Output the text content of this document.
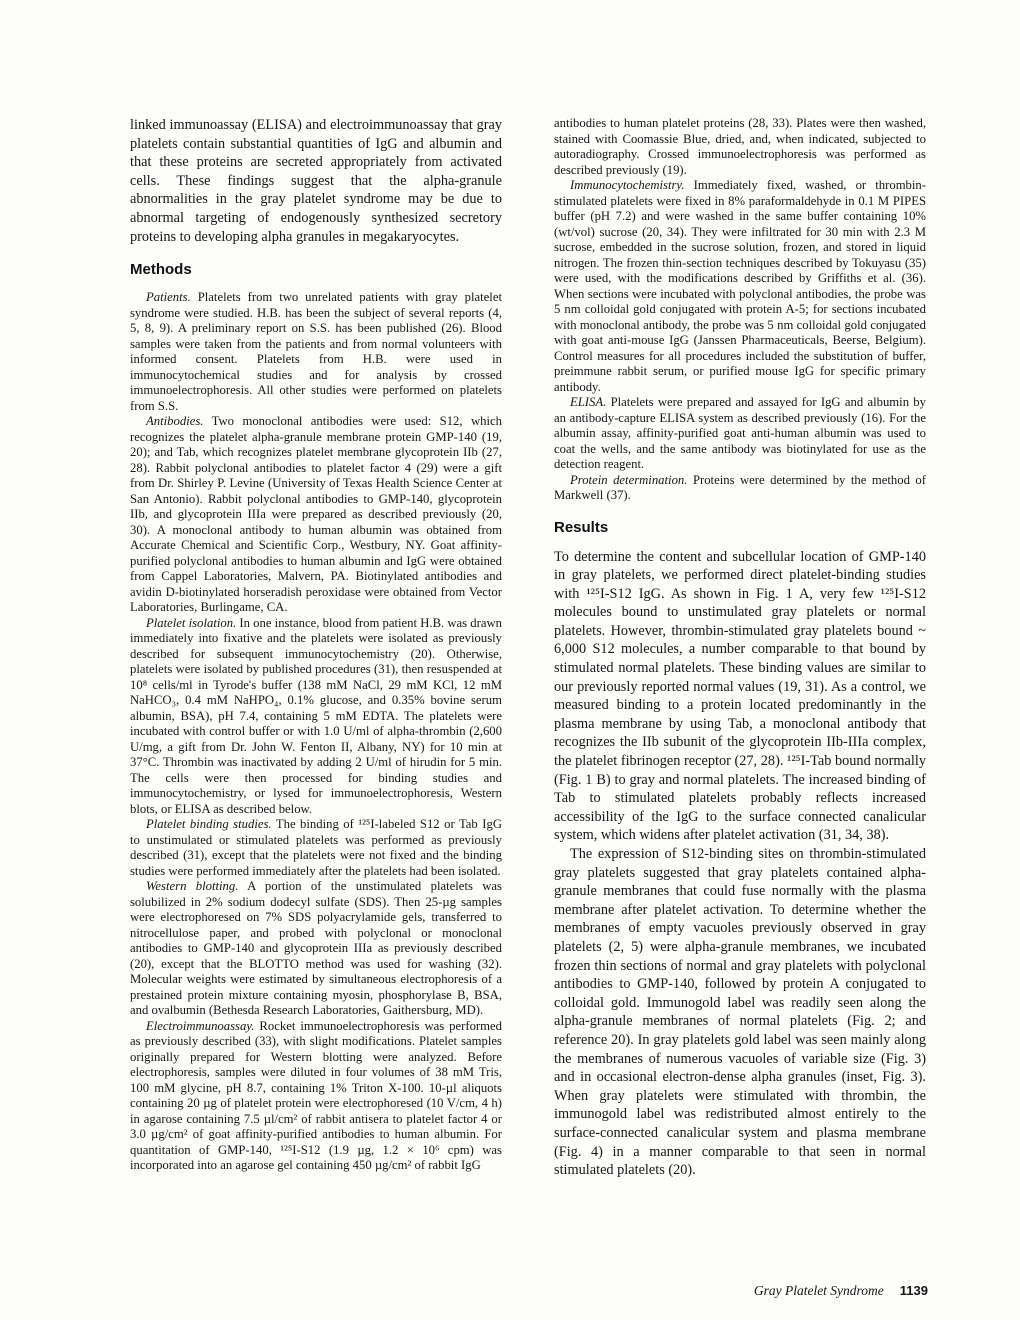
linked immunoassay (ELISA) and electroimmunoassay that gray platelets contain substantial quantities of IgG and albumin and that these proteins are secreted appropriately from activated cells. These findings suggest that the alpha-granule abnormalities in the gray platelet syndrome may be due to abnormal targeting of endogenously synthesized secretory proteins to developing alpha granules in megakaryocytes.

Methods

Patients. Platelets from two unrelated patients with gray platelet syndrome were studied. H.B. has been the subject of several reports (4, 5, 8, 9). A preliminary report on S.S. has been published (26). Blood samples were taken from the patients and from normal volunteers with informed consent. Platelets from H.B. were used in immunocytochemical studies and for analysis by crossed immunoelectrophoresis. All other studies were performed on platelets from S.S.

Antibodies. Two monoclonal antibodies were used: S12, which recognizes the platelet alpha-granule membrane protein GMP-140 (19, 20); and Tab, which recognizes platelet membrane glycoprotein IIb (27, 28). Rabbit polyclonal antibodies to platelet factor 4 (29) were a gift from Dr. Shirley P. Levine (University of Texas Health Science Center at San Antonio). Rabbit polyclonal antibodies to GMP-140, glycoprotein IIb, and glycoprotein IIIa were prepared as described previously (20, 30). A monoclonal antibody to human albumin was obtained from Accurate Chemical and Scientific Corp., Westbury, NY. Goat affinity-purified polyclonal antibodies to human albumin and IgG were obtained from Cappel Laboratories, Malvern, PA. Biotinylated antibodies and avidin D-biotinylated horseradish peroxidase were obtained from Vector Laboratories, Burlingame, CA.

Platelet isolation. In one instance, blood from patient H.B. was drawn immediately into fixative and the platelets were isolated as previously described for subsequent immunocytochemistry (20). Otherwise, platelets were isolated by published procedures (31), then resuspended at 10⁸ cells/ml in Tyrode's buffer (138 mM NaCl, 29 mM KCl, 12 mM NaHCO₃, 0.4 mM NaHPO₄, 0.1% glucose, and 0.35% bovine serum albumin, BSA), pH 7.4, containing 5 mM EDTA. The platelets were incubated with control buffer or with 1.0 U/ml of alpha-thrombin (2,600 U/mg, a gift from Dr. John W. Fenton II, Albany, NY) for 10 min at 37°C. Thrombin was inactivated by adding 2 U/ml of hirudin for 5 min. The cells were then processed for binding studies and immunocytochemistry, or lysed for immunoelectrophoresis, Western blots, or ELISA as described below.

Platelet binding studies. The binding of ¹²⁵I-labeled S12 or Tab IgG to unstimulated or stimulated platelets was performed as previously described (31), except that the platelets were not fixed and the binding studies were performed immediately after the platelets had been isolated.

Western blotting. A portion of the unstimulated platelets was solubilized in 2% sodium dodecyl sulfate (SDS). Then 25-µg samples were electrophoresed on 7% SDS polyacrylamide gels, transferred to nitrocellulose paper, and probed with polyclonal or monoclonal antibodies to GMP-140 and glycoprotein IIIa as previously described (20), except that the BLOTTO method was used for washing (32). Molecular weights were estimated by simultaneous electrophoresis of a prestained protein mixture containing myosin, phosphorylase B, BSA, and ovalbumin (Bethesda Research Laboratories, Gaithersburg, MD).

Electroimmunoassay. Rocket immunoelectrophoresis was performed as previously described (33), with slight modifications. Platelet samples originally prepared for Western blotting were analyzed. Before electrophoresis, samples were diluted in four volumes of 38 mM Tris, 100 mM glycine, pH 8.7, containing 1% Triton X-100. 10-µl aliquots containing 20 µg of platelet protein were electrophoresed (10 V/cm, 4 h) in agarose containing 7.5 µl/cm² of rabbit antisera to platelet factor 4 or 3.0 µg/cm² of goat affinity-purified antibodies to human albumin. For quantitation of GMP-140, ¹²⁵I-S12 (1.9 µg, 1.2 × 10⁶ cpm) was incorporated into an agarose gel containing 450 µg/cm² of rabbit IgG

antibodies to human platelet proteins (28, 33). Plates were then washed, stained with Coomassie Blue, dried, and, when indicated, subjected to autoradiography. Crossed immunoelectrophoresis was performed as described previously (19).

Immunocytochemistry. Immediately fixed, washed, or thrombin-stimulated platelets were fixed in 8% paraformaldehyde in 0.1 M PIPES buffer (pH 7.2) and were washed in the same buffer containing 10% (wt/vol) sucrose (20, 34). They were infiltrated for 30 min with 2.3 M sucrose, embedded in the sucrose solution, frozen, and stored in liquid nitrogen. The frozen thin-section techniques described by Tokuyasu (35) were used, with the modifications described by Griffiths et al. (36). When sections were incubated with polyclonal antibodies, the probe was 5 nm colloidal gold conjugated with protein A-5; for sections incubated with monoclonal antibody, the probe was 5 nm colloidal gold conjugated with goat anti-mouse IgG (Janssen Pharmaceuticals, Beerse, Belgium). Control measures for all procedures included the substitution of buffer, preimmune rabbit serum, or purified mouse IgG for specific primary antibody.

ELISA. Platelets were prepared and assayed for IgG and albumin by an antibody-capture ELISA system as described previously (16). For the albumin assay, affinity-purified goat anti-human albumin was used to coat the wells, and the same antibody was biotinylated for use as the detection reagent.

Protein determination. Proteins were determined by the method of Markwell (37).

Results

To determine the content and subcellular location of GMP-140 in gray platelets, we performed direct platelet-binding studies with ¹²⁵I-S12 IgG. As shown in Fig. 1 A, very few ¹²⁵I-S12 molecules bound to unstimulated gray platelets or normal platelets. However, thrombin-stimulated gray platelets bound ~ 6,000 S12 molecules, a number comparable to that bound by stimulated normal platelets. These binding values are similar to our previously reported normal values (19, 31). As a control, we measured binding to a protein located predominantly in the plasma membrane by using Tab, a monoclonal antibody that recognizes the IIb subunit of the glycoprotein IIb-IIIa complex, the platelet fibrinogen receptor (27, 28). ¹²⁵I-Tab bound normally (Fig. 1 B) to gray and normal platelets. The increased binding of Tab to stimulated platelets probably reflects increased accessibility of the IgG to the surface connected canalicular system, which widens after platelet activation (31, 34, 38).

The expression of S12-binding sites on thrombin-stimulated gray platelets suggested that gray platelets contained alpha-granule membranes that could fuse normally with the plasma membrane after platelet activation. To determine whether the membranes of empty vacuoles previously observed in gray platelets (2, 5) were alpha-granule membranes, we incubated frozen thin sections of normal and gray platelets with polyclonal antibodies to GMP-140, followed by protein A conjugated to colloidal gold. Immunogold label was readily seen along the alpha-granule membranes of normal platelets (Fig. 2; and reference 20). In gray platelets gold label was seen mainly along the membranes of numerous vacuoles of variable size (Fig. 3) and in occasional electron-dense alpha granules (inset, Fig. 3). When gray platelets were stimulated with thrombin, the immunogold label was redistributed almost entirely to the surface-connected canalicular system and plasma membrane (Fig. 4) in a manner comparable to that seen in normal stimulated platelets (20).

Gray Platelet Syndrome 1139
